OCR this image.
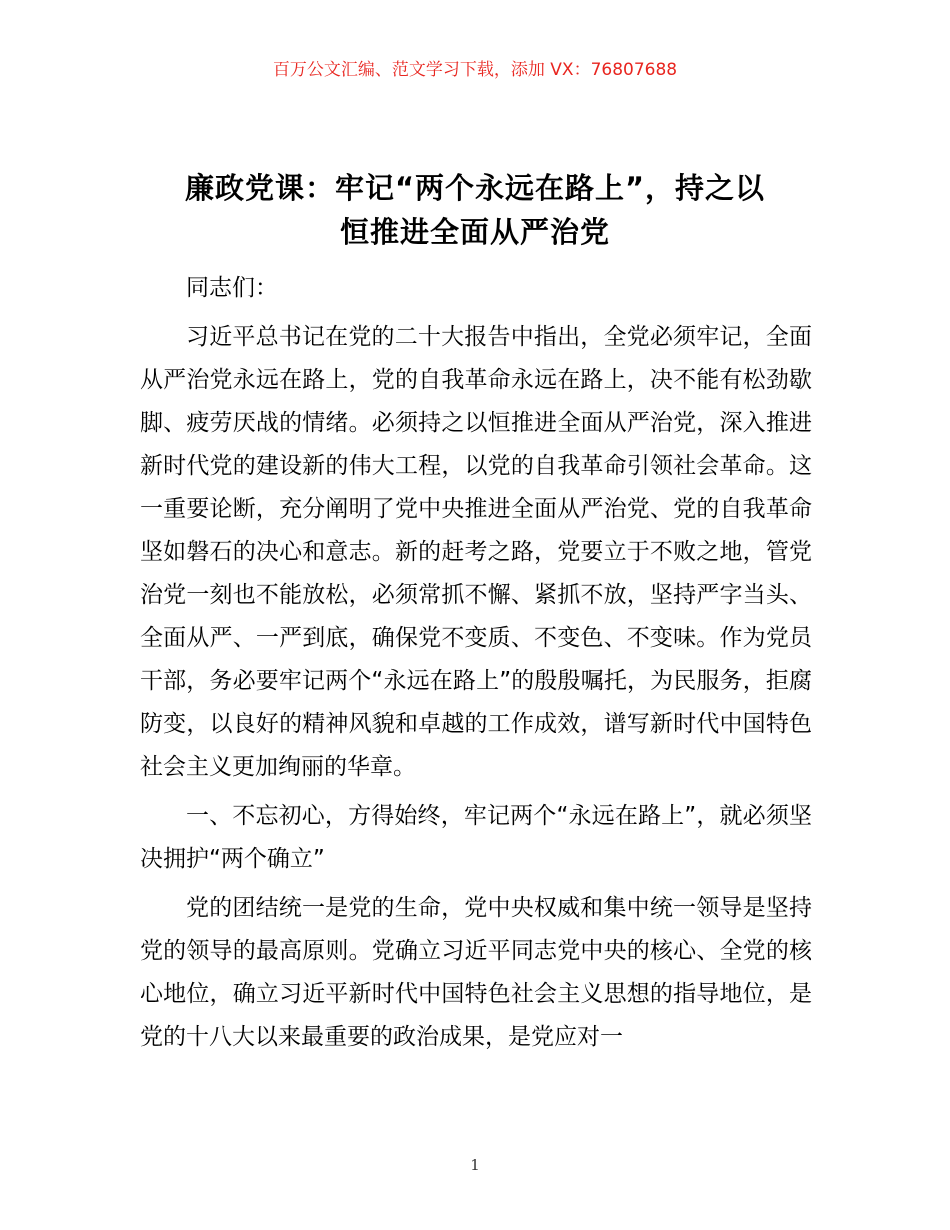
百万公文汇编、范文学习下载，添加 VX：76807688
廉政党课：牢记“两个永远在路上”，持之以
恒推进全面从严治党

同志们：

习近平总书记在党的二十大报告中指出，全党必须牢记，全面从严治党永远在路上，党的自我革命永远在路上，决不能有松劲歇脚、疲劳厌战的情绪。必须持之以恒推进全面从严治党，深入推进新时代党的建设新的伟大工程，以党的自我革命引领社会革命。这一重要论断，充分阐明了党中央推进全面从严治党、党的自我革命坚如磐石的决心和意志。新的赶考之路，党要立于不败之地，管党治党一刻也不能放松，必须常抓不懈、紧抓不放，坚持严字当头、全面从严、一严到底，确保党不变质、不变色、不变味。作为党员干部，务必要牢记两个“永远在路上”的殷殷嘱托，为民服务，拒腐防变，以良好的精神风貌和卓越的工作成效，谱写新时代中国特色社会主义更加绚丽的华章。

一、不忘初心，方得始终，牢记两个“永远在路上”，就必须坚决拥护“两个确立”

党的团结统一是党的生命，党中央权威和集中统一领导是坚持党的领导的最高原则。党确立习近平同志党中央的核心、全党的核心地位，确立习近平新时代中国特色社会主义思想的指导地位，是党的十八大以来最重要的政治成果，是党应对一

1
